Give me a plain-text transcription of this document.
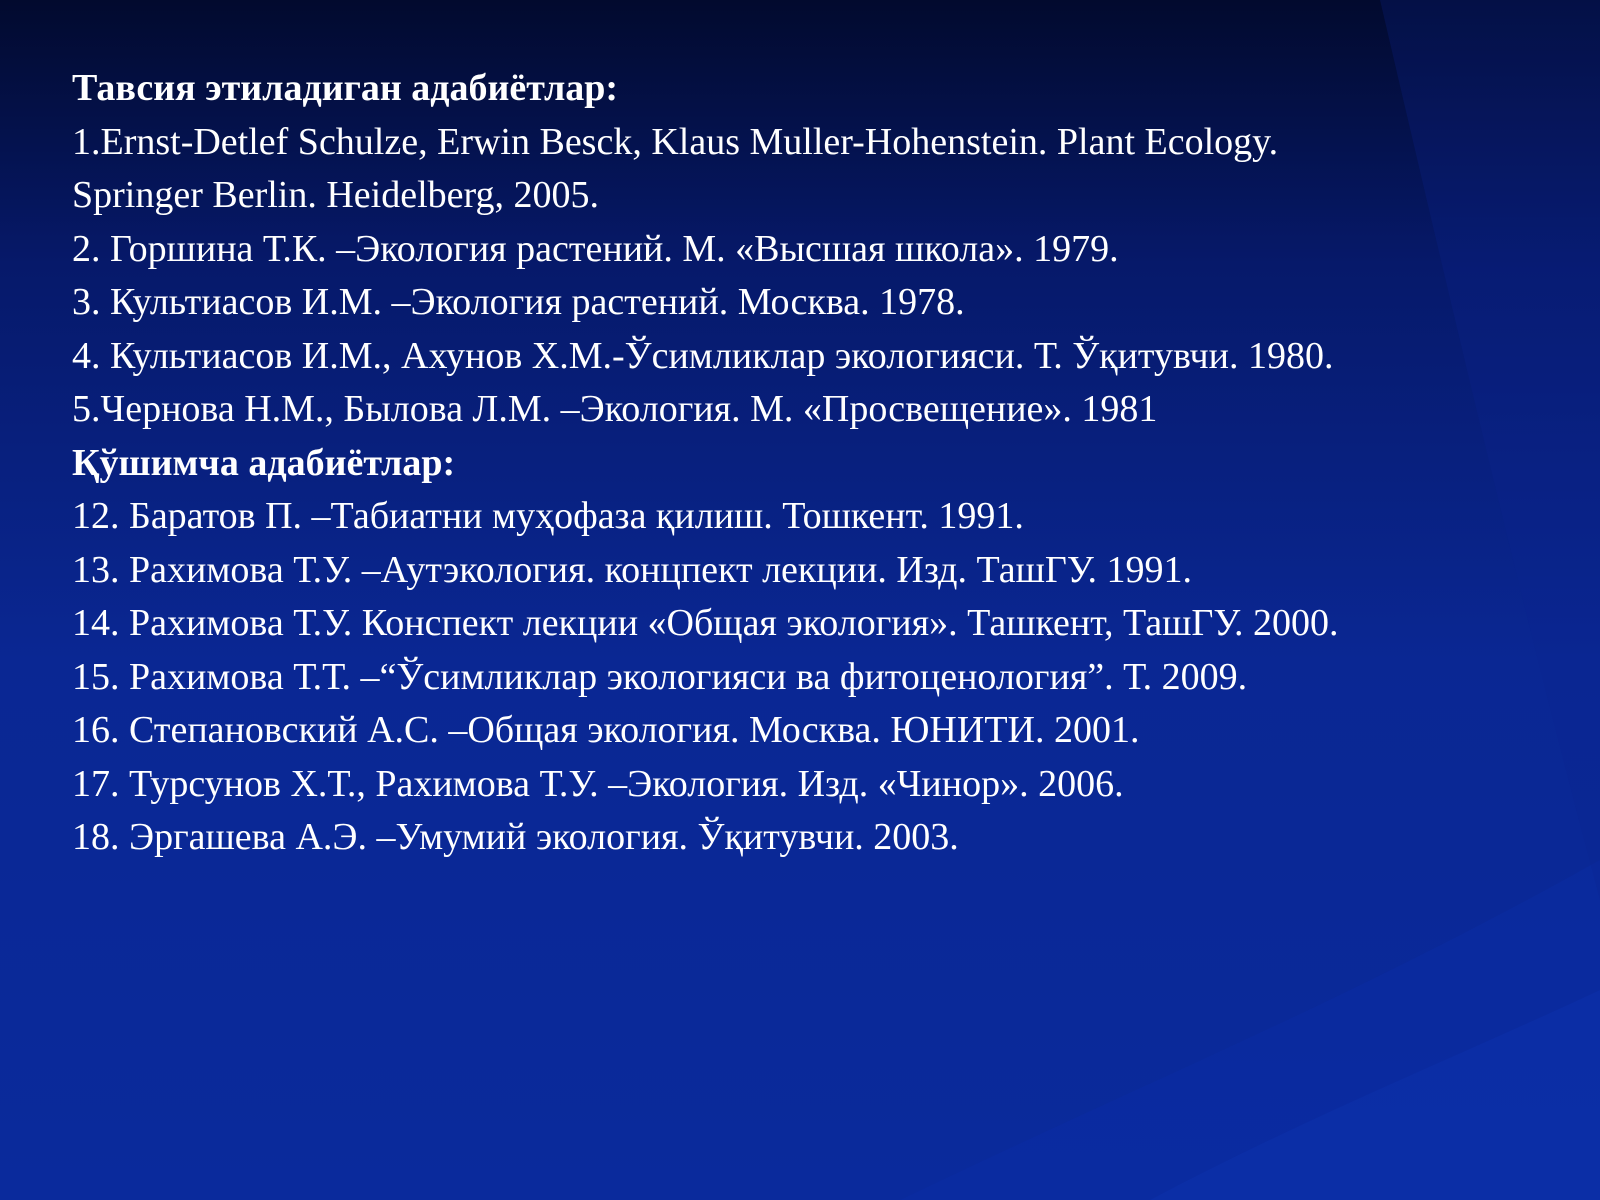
Тавсия этиладиган адабиётлар:
1.Ernst-Detlef Schulze, Erwin Besck, Klaus Muller-Hohenstein. Plant Ecology.
Springer Berlin. Heidelberg, 2005.
2. Горшина Т.К. –Экология растений. М. «Высшая школа». 1979.
3. Культиасов И.М. –Экология растений. Москва. 1978.
4. Культиасов И.М., Ахунов Х.М.-Ўсимликлар экологияси. Т. Ўқитувчи. 1980.
5.Чернова Н.М., Былова Л.М. –Экология. М. «Просвещение». 1981
Қўшимча адабиётлар:
12. Баратов П. –Табиатни муҳофаза қилиш. Тошкент. 1991.
13. Рахимова Т.У. –Аутэкология. концпект лекции. Изд. ТашГУ. 1991.
14. Рахимова Т.У. Конспект лекции «Общая экология». Ташкент, ТашГУ. 2000.
15. Рахимова Т.Т. –“Ўсимликлар экологияси ва фитоценология”. Т. 2009.
16. Степановский А.С. –Общая экология. Москва. ЮНИТИ. 2001.
17. Турсунов Х.Т., Рахимова Т.У. –Экология. Изд. «Чинор». 2006.
18. Эргашева А.Э. –Умумий экология. Ўқитувчи. 2003.
